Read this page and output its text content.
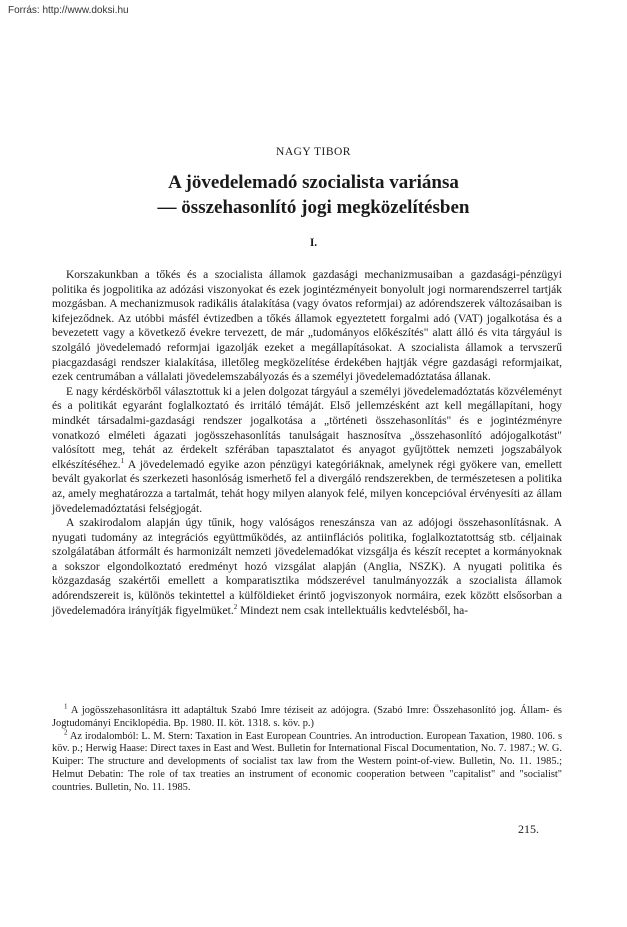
Forrás: http://www.doksi.hu
NAGY TIBOR
A jövedelemadó szocialista variánsa
— összehasonlító jogi megközelítésben
I.

Korszakunkban a tőkés és a szocialista államok gazdasági mechanizmusaiban a gazdasági-pénzügyi politika és jogpolitika az adózási viszonyokat és ezek jogintézményeit bonyolult jogi normarendszerrel tartják mozgásban. A mechanizmusok radikális átalakítása (vagy óvatos reformjai) az adórendszerek változásaiban is kifejeződnek. Az utóbbi másfél évtizedben a tőkés államok egyeztetett forgalmi adó (VAT) jogalkotása és a bevezetett vagy a következő évekre tervezett, de már „tudományos előkészítés" alatt álló és vita tárgyául is szolgáló jövedelemadó reformjai igazolják ezeket a megállapításokat. A szocialista államok a tervszerű piacgazdasági rendszer kialakítása, illetőleg megközelítése érdekében hajtják végre gazdasági reformjaikat, ezek centrumában a vállalati jövedelemszabályozás és a személyi jövedelemadóztatása állanak.

E nagy kérdéskörből választottuk ki a jelen dolgozat tárgyául a személyi jövedelemadóztatás közvéleményt és a politikát egyaránt foglalkoztató és irritáló témáját. Első jellemzésként azt kell megállapítani, hogy mindkét társadalmi-gazdasági rendszer jogalkotása a „történeti összehasonlítás" és e jogintézményre vonatkozó elméleti ágazati jogösszehasonlítás tanulságait hasznosítva „összehasonlító adójogalkotást" valósított meg, tehát az érdekelt szférában tapasztalatot és anyagot gyűjtöttek nemzeti jogszabályok elkészítéséhez.$^1$ A jövedelemadó egyike azon pénzügyi kategóriáknak, amelynek régi gyökere van, emellett bevált gyakorlat és szerkezeti hasonlóság ismerhető fel a divergáló rendszerekben, de természetesen a politika az, amely meghatározza a tartalmát, tehát hogy milyen alanyok felé, milyen koncepcióval érvényesíti az állam jövedelemadóztatási felségjogát.

A szakirodalom alapján úgy tűnik, hogy valóságos reneszánsza van az adójogi összehasonlításnak. A nyugati tudomány az integrációs együttműködés, az antiinflációs politika, foglalkoztatottság stb. céljainak szolgálatában átformált és harmonizált nemzeti jövedelemadókat vizsgálja és készít receptet a kormányoknak a sokszor elgondolkoztató eredményt hozó vizsgálat alapján (Anglia, NSZK). A nyugati politika és közgazdaság szakértői emellett a komparatisztika módszerével tanulmányozzák a szocialista államok adórendszereit is, különös tekintettel a külföldieket érintő jogviszonyok normáira, ezek között elsősorban a jövedelemadóra irányítják figyelmüket.$^2$ Mindezt nem csak intellektuális kedvtelésből, ha-

$^1$ A jogösszehasonlításra itt adaptáltuk Szabó Imre téziseit az adójogra. (Szabó Imre: Összehasonlító jog. Állam- és Jogtudományi Enciklopédia. Bp. 1980. II. köt. 1318. s. köv. p.)

$^2$ Az irodalomból: L. M. Stern: Taxation in East European Countries. An introduction. European Taxation, 1980. 106. s köv. p.; Herwig Haase: Direct taxes in East and West. Bulletin for International Fiscal Documentation, No. 7. 1987.; W. G. Kuiper: The structure and developments of socialist tax law from the Western point-of-view. Bulletin, No. 11. 1985.; Helmut Debatin: The role of tax treaties an instrument of economic cooperation between "capitalist" and "socialist" countries. Bulletin, No. 11. 1985.

215.
